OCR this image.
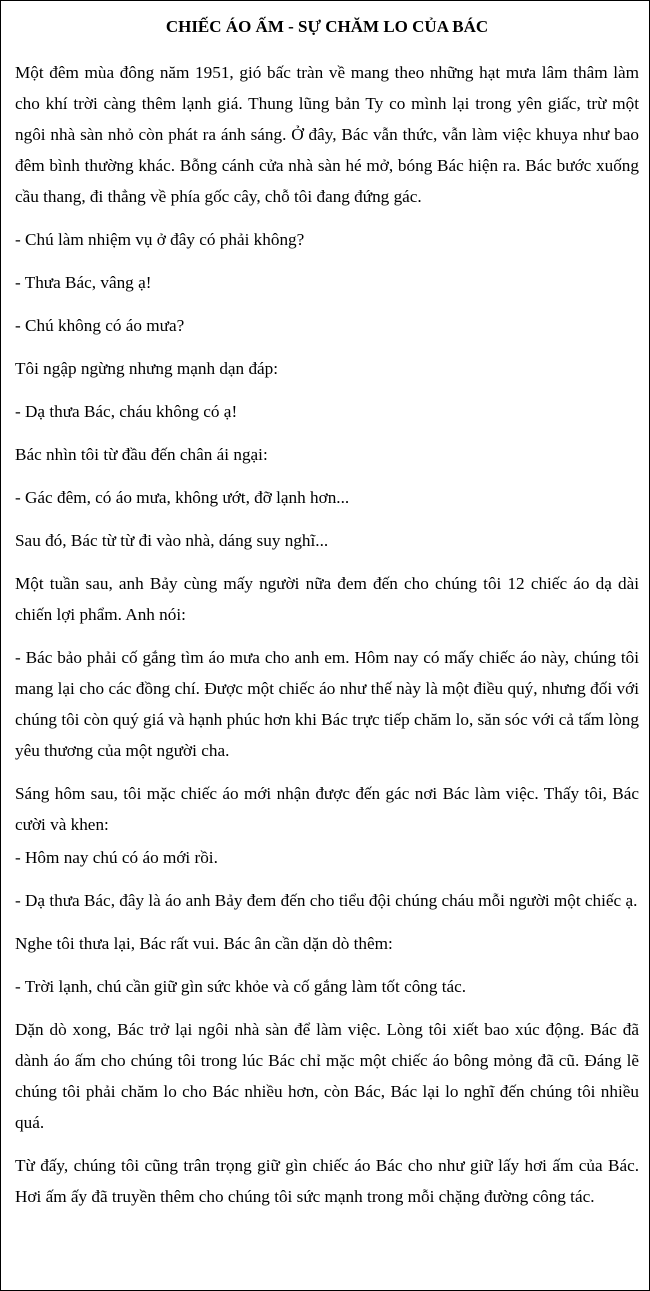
CHIẾC ÁO ẤM - SỰ CHĂM LO CỦA BÁC

Một đêm mùa đông năm 1951, gió bấc tràn về mang theo những hạt mưa lâm thâm làm cho khí trời càng thêm lạnh giá. Thung lũng bản Ty co mình lại trong yên giấc, trừ một ngôi nhà sàn nhỏ còn phát ra ánh sáng. Ở đây, Bác vẫn thức, vẫn làm việc khuya như bao đêm bình thường khác. Bỗng cánh cửa nhà sàn hé mở, bóng Bác hiện ra. Bác bước xuống cầu thang, đi thẳng về phía gốc cây, chỗ tôi đang đứng gác.

- Chú làm nhiệm vụ ở đây có phải không?

- Thưa Bác, vâng ạ!

- Chú không có áo mưa?

Tôi ngập ngừng nhưng mạnh dạn đáp:

- Dạ thưa Bác, cháu không có ạ!

Bác nhìn tôi từ đầu đến chân ái ngại:

- Gác đêm, có áo mưa, không ướt, đỡ lạnh hơn...

Sau đó, Bác từ từ đi vào nhà, dáng suy nghĩ...

Một tuần sau, anh Bảy cùng mấy người nữa đem đến cho chúng tôi 12 chiếc áo dạ dài chiến lợi phẩm. Anh nói:

- Bác bảo phải cố gắng tìm áo mưa cho anh em. Hôm nay có mấy chiếc áo này, chúng tôi mang lại cho các đồng chí. Được một chiếc áo như thế này là một điều quý, nhưng đối với chúng tôi còn quý giá và hạnh phúc hơn khi Bác trực tiếp chăm lo, săn sóc với cả tấm lòng yêu thương của một người cha.

Sáng hôm sau, tôi mặc chiếc áo mới nhận được đến gác nơi Bác làm việc. Thấy tôi, Bác cười và khen:

- Hôm nay chú có áo mới rồi.

- Dạ thưa Bác, đây là áo anh Bảy đem đến cho tiểu đội chúng cháu mỗi người một chiếc ạ.

Nghe tôi thưa lại, Bác rất vui. Bác ân cần dặn dò thêm:

- Trời lạnh, chú cần giữ gìn sức khỏe và cố gắng làm tốt công tác.

Dặn dò xong, Bác trở lại ngôi nhà sàn để làm việc. Lòng tôi xiết bao xúc động. Bác đã dành áo ấm cho chúng tôi trong lúc Bác chỉ mặc một chiếc áo bông mỏng đã cũ. Đáng lẽ chúng tôi phải chăm lo cho Bác nhiều hơn, còn Bác, Bác lại lo nghĩ đến chúng tôi nhiều quá.

Từ đấy, chúng tôi cũng trân trọng giữ gìn chiếc áo Bác cho như giữ lấy hơi ấm của Bác. Hơi ấm ấy đã truyền thêm cho chúng tôi sức mạnh trong mỗi chặng đường công tác.
